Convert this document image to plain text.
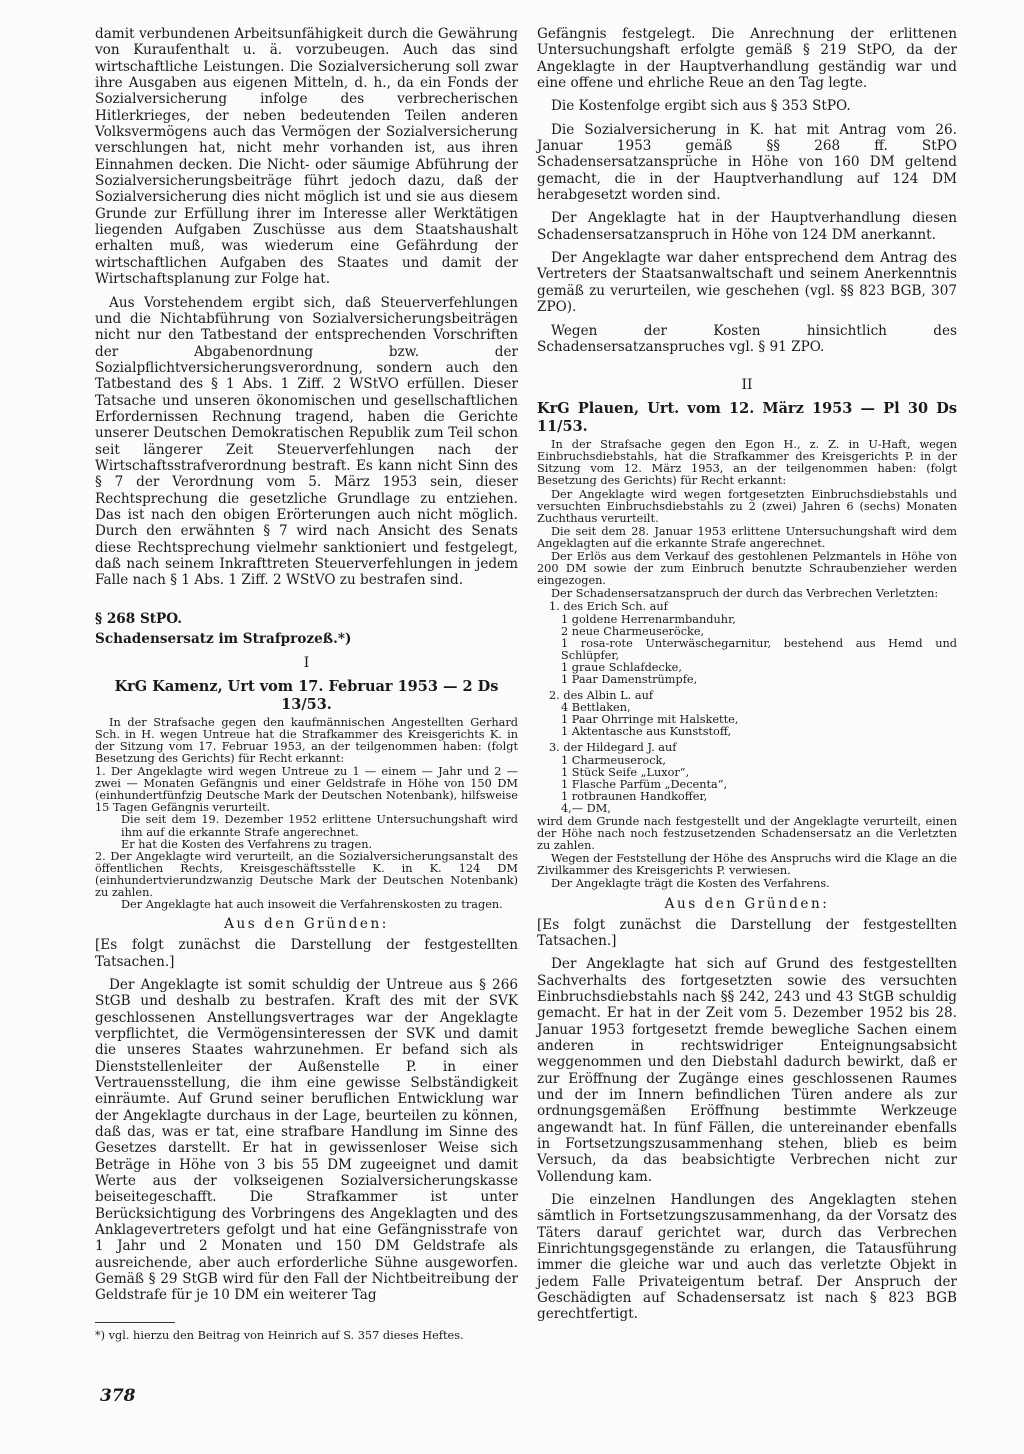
damit verbundenen Arbeitsunfähigkeit durch die Gewährung von Kuraufenthalt u. ä. vorzubeugen. Auch das sind wirtschaftliche Leistungen. Die Sozialversicherung soll zwar ihre Ausgaben aus eigenen Mitteln, d. h., da ein Fonds der Sozialversicherung infolge des verbrecherischen Hitlerkrieges, der neben bedeutenden Teilen anderen Volksvermögens auch das Vermögen der Sozialversicherung verschlungen hat, nicht mehr vorhanden ist, aus ihren Einnahmen decken. Die Nicht- oder säumige Abführung der Sozialversicherungsbeiträge führt jedoch dazu, daß der Sozialversicherung dies nicht möglich ist und sie aus diesem Grunde zur Erfüllung ihrer im Interesse aller Werktätigen liegenden Aufgaben Zuschüsse aus dem Staatshaushalt erhalten muß, was wiederum eine Gefährdung der wirtschaftlichen Aufgaben des Staates und damit der Wirtschaftsplanung zur Folge hat.

Aus Vorstehendem ergibt sich, daß Steuerverfehlungen und die Nichtabführung von Sozialversicherungsbeiträgen nicht nur den Tatbestand der entsprechenden Vorschriften der Abgabenordnung bzw. der Sozialpflichtversicherungsverordnung, sondern auch den Tatbestand des § 1 Abs. 1 Ziff. 2 WStVO erfüllen. Dieser Tatsache und unseren ökonomischen und gesellschaftlichen Erfordernissen Rechnung tragend, haben die Gerichte unserer Deutschen Demokratischen Republik zum Teil schon seit längerer Zeit Steuerverfehlungen nach der Wirtschaftsstrafverordnung bestraft. Es kann nicht Sinn des § 7 der Verordnung vom 5. März 1953 sein, dieser Rechtsprechung die gesetzliche Grundlage zu entziehen. Das ist nach den obigen Erörterungen auch nicht möglich. Durch den erwähnten § 7 wird nach Ansicht des Senats diese Rechtsprechung vielmehr sanktioniert und festgelegt, daß nach seinem Inkrafttreten Steuerverfehlungen in jedem Falle nach § 1 Abs. 1 Ziff. 2 WStVO zu bestrafen sind.

§ 268 StPO.

Schadensersatz im Strafprozeß.*)

I

KrG Kamenz, Urt vom 17. Februar 1953 — 2 Ds 13/53.

In der Strafsache gegen den kaufmännischen Angestellten Gerhard Sch. in H. wegen Untreue hat die Strafkammer des Kreisgerichts K. in der Sitzung vom 17. Februar 1953, an der teilgenommen haben: (folgt Besetzung des Gerichts) für Recht erkannt:

1. Der Angeklagte wird wegen Untreue zu 1 — einem — Jahr und 2 — zwei — Monaten Gefängnis und einer Geldstrafe in Höhe von 150 DM (einhundertfünfzig Deutsche Mark der Deutschen Notenbank), hilfsweise 15 Tagen Gefängnis verurteilt.
Die seit dem 19. Dezember 1952 erlittene Untersuchungshaft wird ihm auf die erkannte Strafe angerechnet.
Er hat die Kosten des Verfahrens zu tragen.
2. Der Angeklagte wird verurteilt, an die Sozialversicherungsanstalt des öffentlichen Rechts, Kreisgeschäftsstelle K. in K. 124 DM (einhundertvierundzwanzig Deutsche Mark der Deutschen Notenbank) zu zahlen.
Der Angeklagte hat auch insoweit die Verfahrenskosten zu tragen.

Aus den Gründen:

[Es folgt zunächst die Darstellung der festgestellten Tatsachen.]

Der Angeklagte ist somit schuldig der Untreue aus § 266 StGB und deshalb zu bestrafen. Kraft des mit der SVK geschlossenen Anstellungsvertrages war der Angeklagte verpflichtet, die Vermögensinteressen der SVK und damit die unseres Staates wahrzunehmen. Er befand sich als Dienststellenleiter der Außenstelle P. in einer Vertrauensstellung, die ihm eine gewisse Selbständigkeit einräumte. Auf Grund seiner beruflichen Entwicklung war der Angeklagte durchaus in der Lage, beurteilen zu können, daß das, was er tat, eine strafbare Handlung im Sinne des Gesetzes darstellt. Er hat in gewissenloser Weise sich Beträge in Höhe von 3 bis 55 DM zugeeignet und damit Werte aus der volkseigenen Sozialversicherungskasse beiseitegeschafft. Die Strafkammer ist unter Berücksichtigung des Vorbringens des Angeklagten und des Anklagevertreters gefolgt und hat eine Gefängnisstrafe von 1 Jahr und 2 Monaten und 150 DM Geldstrafe als ausreichende, aber auch erforderliche Sühne ausgeworfen. Gemäß § 29 StGB wird für den Fall der Nichtbeitreibung der Geldstrafe für je 10 DM ein weiterer Tag

*) vgl. hierzu den Beitrag von Heinrich auf S. 357 dieses Heftes.

Gefängnis festgelegt. Die Anrechnung der erlittenen Untersuchungshaft erfolgte gemäß § 219 StPO, da der Angeklagte in der Hauptverhandlung geständig war und eine offene und ehrliche Reue an den Tag legte.

Die Kostenfolge ergibt sich aus § 353 StPO.

Die Sozialversicherung in K. hat mit Antrag vom 26. Januar 1953 gemäß §§ 268 ff. StPO Schadensersatzansprüche in Höhe von 160 DM geltend gemacht, die in der Hauptverhandlung auf 124 DM herabgesetzt worden sind.

Der Angeklagte hat in der Hauptverhandlung diesen Schadensersatzanspruch in Höhe von 124 DM anerkannt.

Der Angeklagte war daher entsprechend dem Antrag des Vertreters der Staatsanwaltschaft und seinem Anerkenntnis gemäß zu verurteilen, wie geschehen (vgl. §§ 823 BGB, 307 ZPO).

Wegen der Kosten hinsichtlich des Schadensersatzanspruches vgl. § 91 ZPO.

II

KrG Plauen, Urt. vom 12. März 1953 — Pl 30 Ds 11/53.

In der Strafsache gegen den Egon H., z. Z. in U-Haft, wegen Einbruchsdiebstahls, hat die Strafkammer des Kreisgerichts P. in der Sitzung vom 12. März 1953, an der teilgenommen haben: (folgt Besetzung des Gerichts) für Recht erkannt:

Der Angeklagte wird wegen fortgesetzten Einbruchsdiebstahls und versuchten Einbruchsdiebstahls zu 2 (zwei) Jahren 6 (sechs) Monaten Zuchthaus verurteilt.

Die seit dem 28. Januar 1953 erlittene Untersuchungshaft wird dem Angeklagten auf die erkannte Strafe angerechnet.

Der Erlös aus dem Verkauf des gestohlenen Pelzmantels in Höhe von 200 DM sowie der zum Einbruch benutzte Schraubenzieher werden eingezogen.

Der Schadensersatzanspruch der durch das Verbrechen Verletzten:

1. des Erich Sch. auf
1 goldene Herrenarmbanduhr,
2 neue Charmeuseröcke,
1 rosa-rote Unterwäschegarnitur, bestehend aus Hemd und Schlüpfer,
1 graue Schlafdecke,
1 Paar Damenstrümpfe,
2. des Albin L. auf
4 Bettlaken,
1 Paar Ohrringe mit Halskette,
1 Aktentasche aus Kunststoff,
3. der Hildegard J. auf
1 Charmeuserock,
1 Stück Seife „Luxor“,
1 Flasche Parfüm „Decenta“,
1 rotbraunen Handkoffer,
4,— DM,

wird dem Grunde nach festgestellt und der Angeklagte verurteilt, einen der Höhe nach noch festzusetzenden Schadensersatz an die Verletzten zu zahlen.

Wegen der Feststellung der Höhe des Anspruchs wird die Klage an die Zivilkammer des Kreisgerichts P. verwiesen.

Der Angeklagte trägt die Kosten des Verfahrens.

Aus den Gründen:

[Es folgt zunächst die Darstellung der festgestellten Tatsachen.]

Der Angeklagte hat sich auf Grund des festgestellten Sachverhalts des fortgesetzten sowie des versuchten Einbruchsdiebstahls nach §§ 242, 243 und 43 StGB schuldig gemacht. Er hat in der Zeit vom 5. Dezember 1952 bis 28. Januar 1953 fortgesetzt fremde bewegliche Sachen einem anderen in rechtswidriger Enteignungsabsicht weggenommen und den Diebstahl dadurch bewirkt, daß er zur Eröffnung der Zugänge eines geschlossenen Raumes und der im Innern befindlichen Türen andere als zur ordnungsgemäßen Eröffnung bestimmte Werkzeuge angewandt hat. In fünf Fällen, die untereinander ebenfalls in Fortsetzungszusammenhang stehen, blieb es beim Versuch, da das beabsichtigte Verbrechen nicht zur Vollendung kam.

Die einzelnen Handlungen des Angeklagten stehen sämtlich in Fortsetzungszusammenhang, da der Vorsatz des Täters darauf gerichtet war, durch das Verbrechen Einrichtungsgegenstände zu erlangen, die Tatausführung immer die gleiche war und auch das verletzte Objekt in jedem Falle Privateigentum betraf. Der Anspruch der Geschädigten auf Schadensersatz ist nach § 823 BGB gerechtfertigt.

378
